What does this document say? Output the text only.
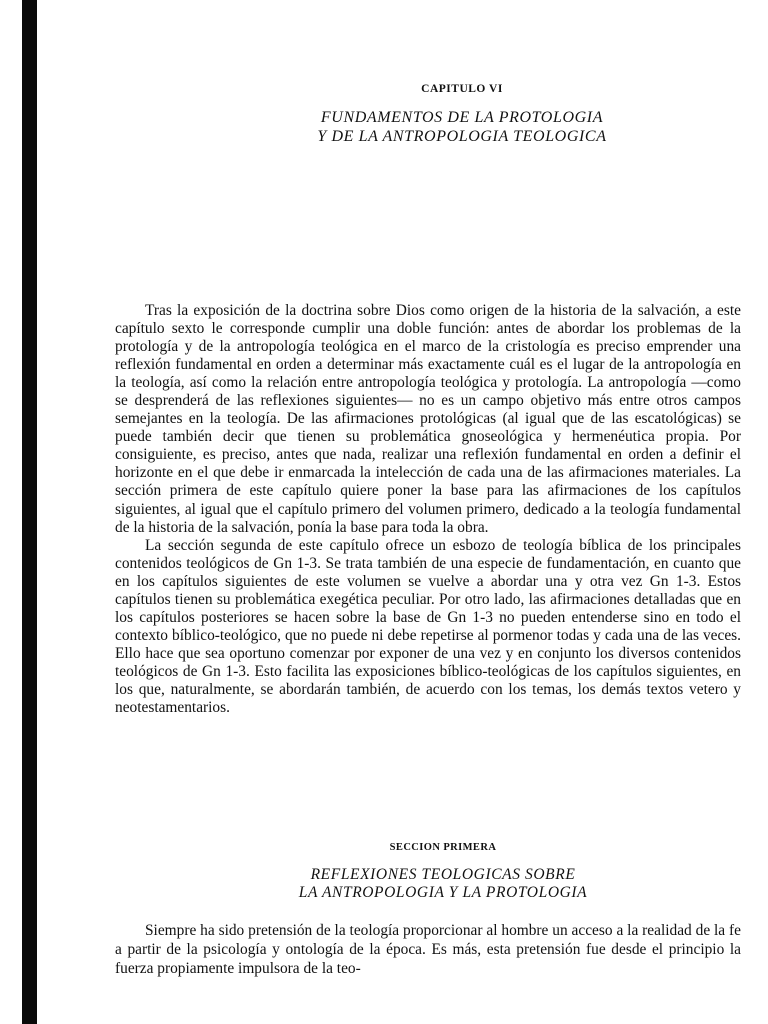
CAPITULO VI
FUNDAMENTOS DE LA PROTOLOGIA
Y DE LA ANTROPOLOGIA TEOLOGICA

Tras la exposición de la doctrina sobre Dios como origen de la historia de la salvación, a este capítulo sexto le corresponde cumplir una doble función: antes de abordar los problemas de la protología y de la antropología teológica en el marco de la cristología es preciso emprender una reflexión fundamental en orden a determinar más exactamente cuál es el lugar de la antropología en la teología, así como la relación entre antropología teológica y protología. La antropología —como se desprenderá de las reflexiones siguientes— no es un campo objetivo más entre otros campos semejantes en la teología. De las afirmaciones protológicas (al igual que de las escatológicas) se puede también decir que tienen su problemática gnoseológica y hermenéutica propia. Por consiguiente, es preciso, antes que nada, realizar una reflexión fundamental en orden a definir el horizonte en el que debe ir enmarcada la intelección de cada una de las afirmaciones materiales. La sección primera de este capítulo quiere poner la base para las afirmaciones de los capítulos siguientes, al igual que el capítulo primero del volumen primero, dedicado a la teología fundamental de la historia de la salvación, ponía la base para toda la obra.

La sección segunda de este capítulo ofrece un esbozo de teología bíblica de los principales contenidos teológicos de Gn 1-3. Se trata también de una especie de fundamentación, en cuanto que en los capítulos siguientes de este volumen se vuelve a abordar una y otra vez Gn 1-3. Estos capítulos tienen su problemática exegética peculiar. Por otro lado, las afirmaciones detalladas que en los capítulos posteriores se hacen sobre la base de Gn 1-3 no pueden entenderse sino en todo el contexto bíblico-teológico, que no puede ni debe repetirse al pormenor todas y cada una de las veces. Ello hace que sea oportuno comenzar por exponer de una vez y en conjunto los diversos contenidos teológicos de Gn 1-3. Esto facilita las exposiciones bíblico-teológicas de los capítulos siguientes, en los que, naturalmente, se abordarán también, de acuerdo con los temas, los demás textos vetero y neotestamentarios.

SECCION PRIMERA
REFLEXIONES TEOLOGICAS SOBRE
LA ANTROPOLOGIA Y LA PROTOLOGIA

Siempre ha sido pretensión de la teología proporcionar al hombre un acceso a la realidad de la fe a partir de la psicología y ontología de la época. Es más, esta pretensión fue desde el principio la fuerza propiamente impulsora de la teo-
